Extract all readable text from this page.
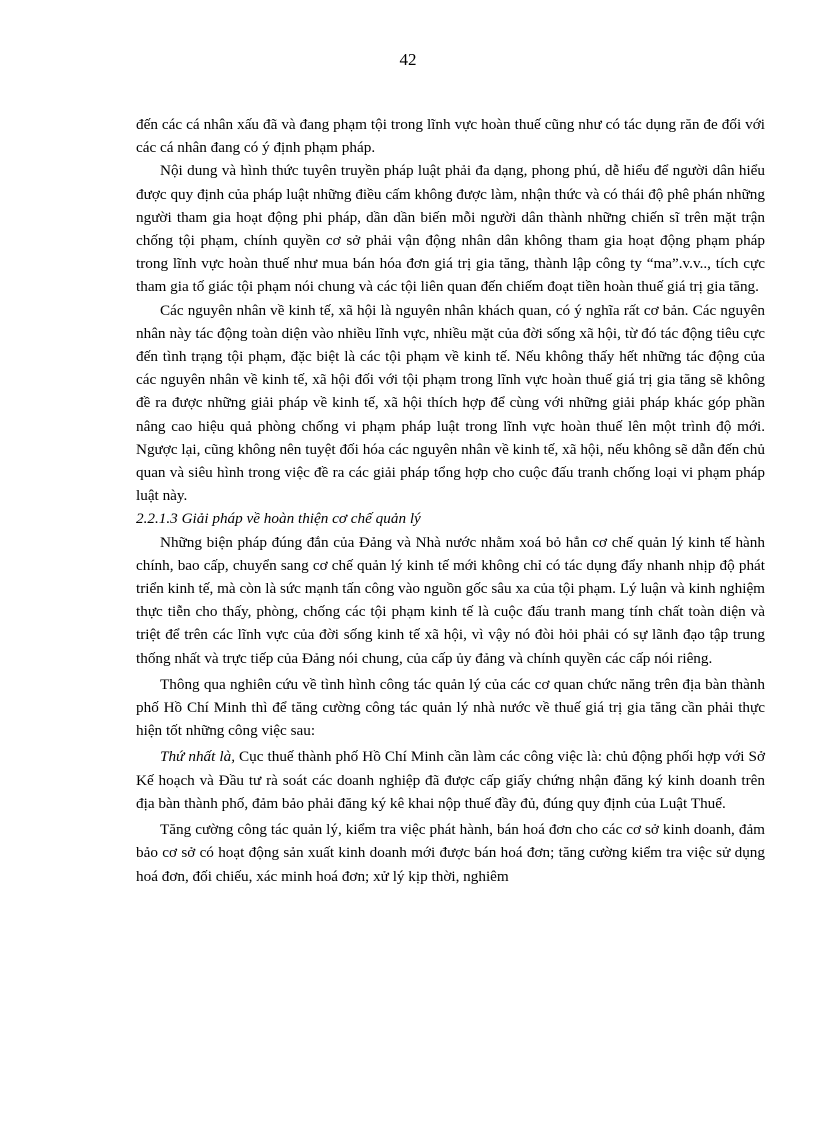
42

đến các cá nhân xấu đã và đang phạm tội trong lĩnh vực hoàn thuế cũng như có tác dụng răn đe đối với các cá nhân đang có ý định phạm pháp.

Nội dung và hình thức tuyên truyền pháp luật phải đa dạng, phong phú, dễ hiểu để người dân hiểu được quy định của pháp luật những điều cấm không được làm, nhận thức và có thái độ phê phán những người tham gia hoạt động phi pháp, dần dần biến mỗi người dân thành những chiến sĩ trên mặt trận chống tội phạm, chính quyền cơ sở phải vận động nhân dân không tham gia hoạt động phạm pháp trong lĩnh vực hoàn thuế như mua bán hóa đơn giá trị gia tăng, thành lập công ty “ma”.v.v.., tích cực tham gia tố giác tội phạm nói chung và các tội liên quan đến chiếm đoạt tiền hoàn thuế giá trị gia tăng.

Các nguyên nhân về kinh tế, xã hội là nguyên nhân khách quan, có ý nghĩa rất cơ bản. Các nguyên nhân này tác động toàn diện vào nhiều lĩnh vực, nhiều mặt của đời sống xã hội, từ đó tác động tiêu cực đến tình trạng tội phạm, đặc biệt là các tội phạm về kinh tế. Nếu không thấy hết những tác động của các nguyên nhân về kinh tế, xã hội đối với tội phạm trong lĩnh vực hoàn thuế giá trị gia tăng sẽ không đề ra được những giải pháp về kinh tế, xã hội thích hợp để cùng với những giải pháp khác góp phần nâng cao hiệu quả phòng chống vi phạm pháp luật trong lĩnh vực hoàn thuế lên một trình độ mới. Ngược lại, cũng không nên tuyệt đối hóa các nguyên nhân về kinh tế, xã hội, nếu không sẽ dẫn đến chủ quan và siêu hình trong việc đề ra các giải pháp tổng hợp cho cuộc đấu tranh chống loại vi phạm pháp luật này.

2.2.1.3 Giải pháp về hoàn thiện cơ chế quản lý

Những biện pháp đúng đắn của Đảng và Nhà nước nhằm xoá bỏ hẳn cơ chế quản lý kinh tế hành chính, bao cấp, chuyển sang cơ chế quản lý kinh tế mới không chỉ có tác dụng đẩy nhanh nhịp độ phát triển kinh tế, mà còn là sức mạnh tấn công vào nguồn gốc sâu xa của tội phạm. Lý luận và kinh nghiệm thực tiễn cho thấy, phòng, chống các tội phạm kinh tế là cuộc đấu tranh mang tính chất toàn diện và triệt để trên các lĩnh vực của đời sống kinh tế xã hội, vì vậy nó đòi hỏi phải có sự lãnh đạo tập trung thống nhất và trực tiếp của Đảng nói chung, của cấp ủy đảng và chính quyền các cấp nói riêng.

Thông qua nghiên cứu về tình hình công tác quản lý của các cơ quan chức năng trên địa bàn thành phố Hồ Chí Minh thì để tăng cường công tác quản lý nhà nước về thuế giá trị gia tăng cần phải thực hiện tốt những công việc sau:

Thứ nhất là, Cục thuế thành phố Hồ Chí Minh cần làm các công việc là: chủ động phối hợp với Sở Kế hoạch và Đầu tư rà soát các doanh nghiệp đã được cấp giấy chứng nhận đăng ký kinh doanh trên địa bàn thành phố, đảm bảo phải đăng ký kê khai nộp thuế đầy đủ, đúng quy định của Luật Thuế.

Tăng cường công tác quản lý, kiểm tra việc phát hành, bán hoá đơn cho các cơ sở kinh doanh, đảm bảo cơ sở có hoạt động sản xuất kinh doanh mới được bán hoá đơn; tăng cường kiểm tra việc sử dụng hoá đơn, đối chiếu, xác minh hoá đơn; xử lý kịp thời, nghiêm
